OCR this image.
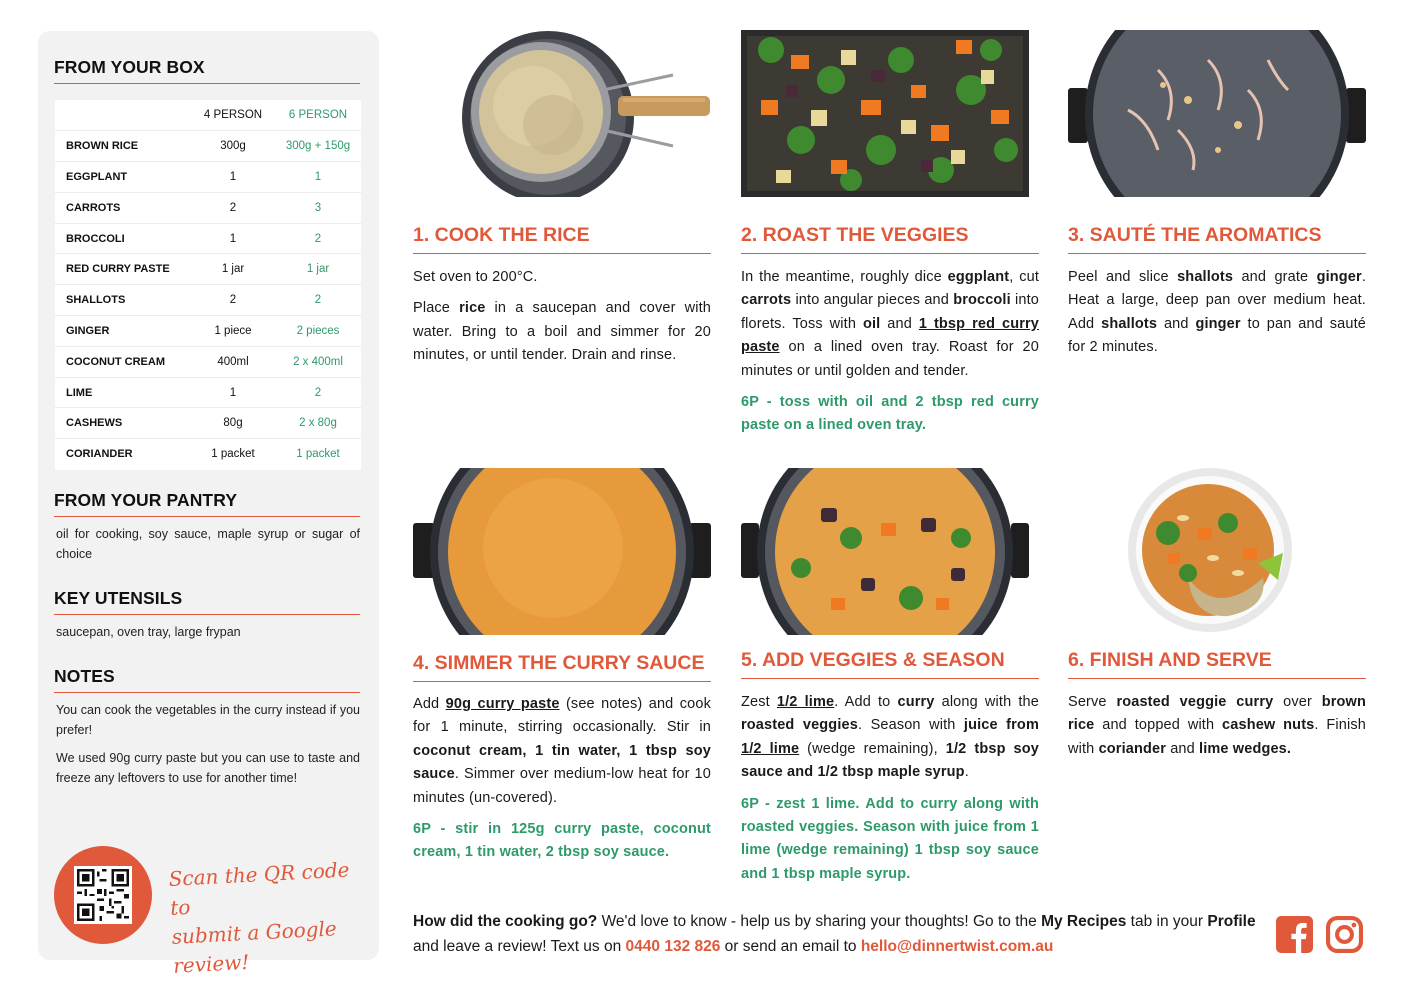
FROM YOUR BOX
	4 PERSON	6 PERSON
BROWN RICE	300g	300g + 150g
EGGPLANT	1	1
CARROTS	2	3
BROCCOLI	1	2
RED CURRY PASTE	1 jar	1 jar
SHALLOTS	2	2
GINGER	1 piece	2 pieces
COCONUT CREAM	400ml	2 x 400ml
LIME	1	2
CASHEWS	80g	2 x 80g
CORIANDER	1 packet	1 packet
FROM YOUR PANTRY
oil for cooking, soy sauce, maple syrup or sugar of choice
KEY UTENSILS
saucepan, oven tray, large frypan
NOTES
You can cook the vegetables in the curry instead if you prefer!
We used 90g curry paste but you can use to taste and freeze any leftovers to use for another time!
Scan the QR code to
submit a Google review!
1. COOK THE RICE

Set oven to 200°C.

Place rice in a saucepan and cover with water. Bring to a boil and simmer for 20 minutes, or until tender. Drain and rinse.

2. ROAST THE VEGGIES

In the meantime, roughly dice eggplant, cut carrots into angular pieces and broccoli into florets. Toss with oil and 1 tbsp red curry paste on a lined oven tray. Roast for 20 minutes or until golden and tender.

6P - toss with oil and 2 tbsp red curry paste on a lined oven tray.

3. SAUTÉ THE AROMATICS

Peel and slice shallots and grate ginger. Heat a large, deep pan over medium heat. Add shallots and ginger to pan and sauté for 2 minutes.

4. SIMMER THE CURRY SAUCE

Add 90g curry paste (see notes) and cook for 1 minute, stirring occasionally. Stir in coconut cream, 1 tin water, 1 tbsp soy sauce. Simmer over medium-low heat for 10 minutes (un-covered).

6P - stir in 125g curry paste, coconut cream, 1 tin water, 2 tbsp soy sauce.

5. ADD VEGGIES & SEASON

Zest 1/2 lime. Add to curry along with the roasted veggies. Season with juice from 1/2 lime (wedge remaining), 1/2 tbsp soy sauce and 1/2 tbsp maple syrup.

6P - zest 1 lime. Add to curry along with roasted veggies. Season with juice from 1 lime (wedge remaining) 1 tbsp soy sauce and 1 tbsp maple syrup.

6. FINISH AND SERVE

Serve roasted veggie curry over brown rice and topped with cashew nuts. Finish with coriander and lime wedges.

How did the cooking go? We'd love to know - help us by sharing your thoughts! Go to the My Recipes tab in your Profile and leave a review! Text us on 0440 132 826 or send an email to hello@dinnertwist.com.au
